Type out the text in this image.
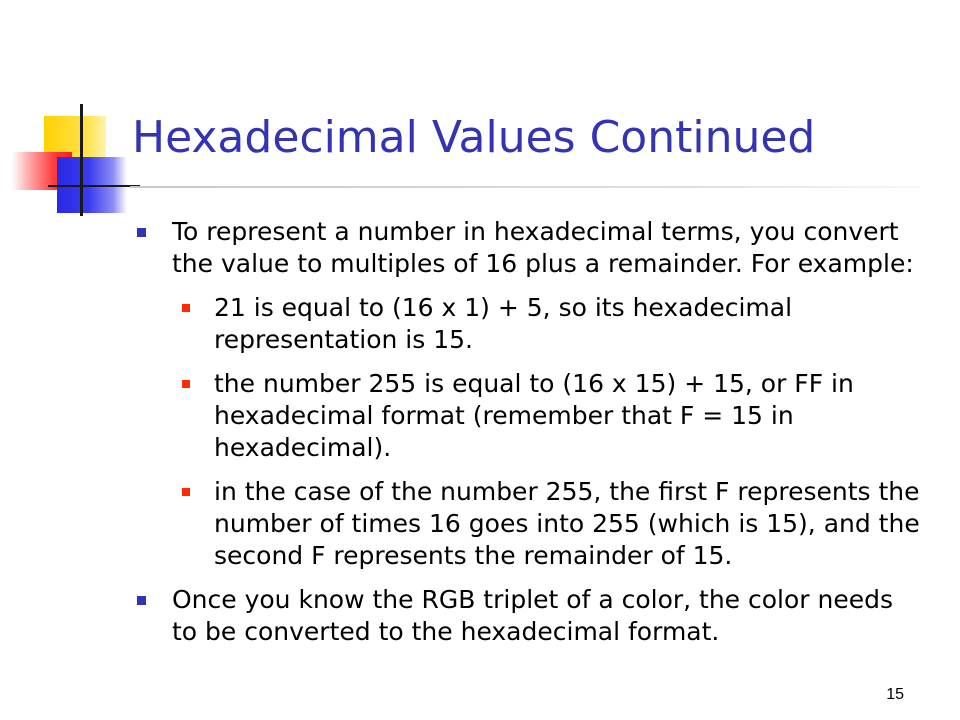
Hexadecimal Values Continued
To represent a number in hexadecimal terms, you convert the value to multiples of 16 plus a remainder. For example:
21 is equal to (16 x 1) + 5, so its hexadecimal representation is 15.
the number 255 is equal to (16 x 15) + 15, or FF in hexadecimal format (remember that F = 15 in hexadecimal).
in the case of the number 255, the first F represents the number of times 16 goes into 255 (which is 15), and the second F represents the remainder of 15.
Once you know the RGB triplet of a color, the color needs to be converted to the hexadecimal format.
15
